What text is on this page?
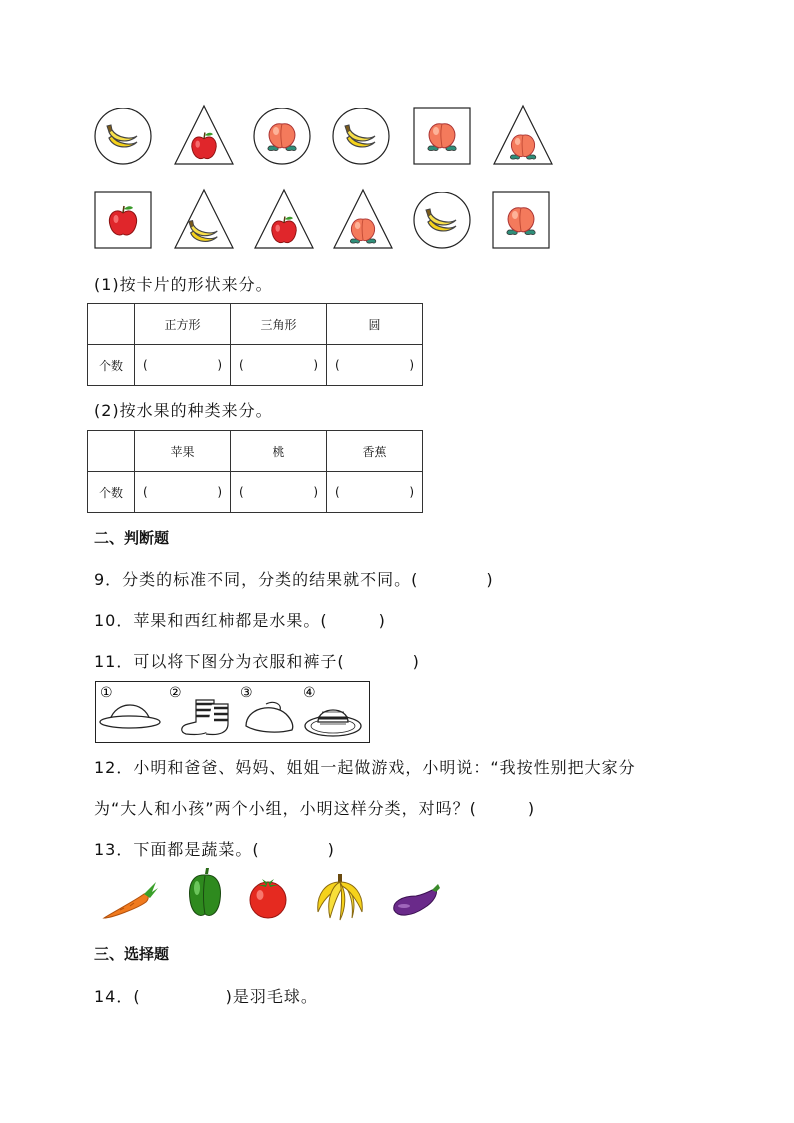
(1)按卡片的形状来分。
	正方形	三角形	圆
个数	( )	( )	( )
(2)按水果的种类来分。
	苹果	桃	香蕉
个数	( )	( )	( )
二、判断题
9．分类的标准不同，分类的结果就不同。(　　　　)
10．苹果和西红柿都是水果。(　　　)
11．可以将下图分为衣服和裤子(　　　　)
①	②	③	④
12．小明和爸爸、妈妈、姐姐一起做游戏，小明说：“我按性别把大家分
为“大人和小孩”两个小组，小明这样分类，对吗？(　　　)
13．下面都是蔬菜。(　　　　)
三、选择题
14．(　　　　　)是羽毛球。
